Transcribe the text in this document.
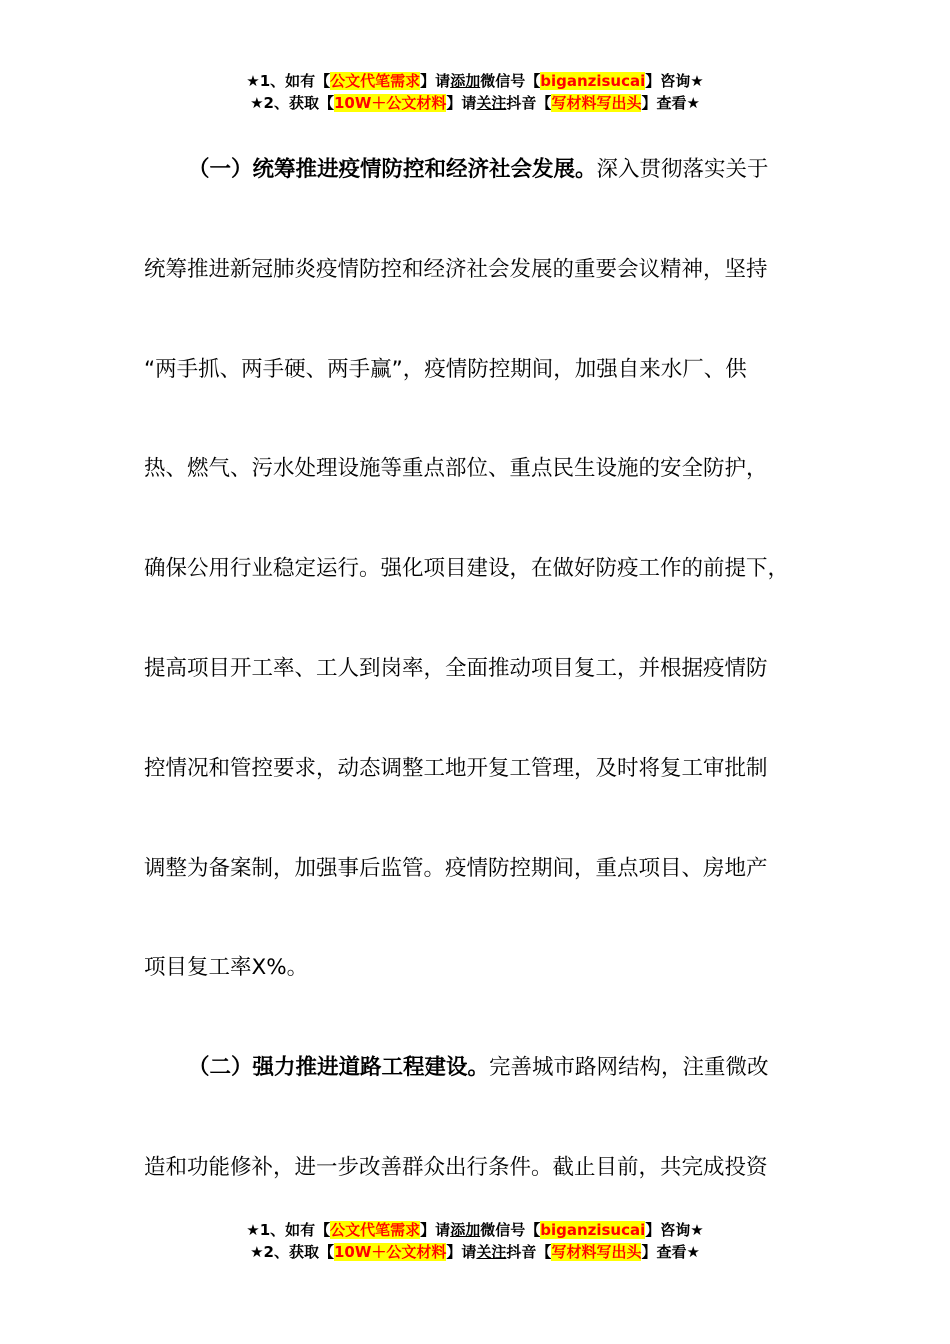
★1、如有【公文代笔需求】请添加微信号【biganzisucai】咨询★
★2、获取【10W＋公文材料】请关注抖音【写材料写出头】查看★

（一）统筹推进疫情防控和经济社会发展。深入贯彻落实关于
统筹推进新冠肺炎疫情防控和经济社会发展的重要会议精神，坚持
“两手抓、两手硬、两手赢”，疫情防控期间，加强自来水厂、供
热、燃气、污水处理设施等重点部位、重点民生设施的安全防护，
确保公用行业稳定运行。强化项目建设，在做好防疫工作的前提下，
提高项目开工率、工人到岗率，全面推动项目复工，并根据疫情防
控情况和管控要求，动态调整工地开复工管理，及时将复工审批制
调整为备案制，加强事后监管。疫情防控期间，重点项目、房地产
项目复工率X%。

（二）强力推进道路工程建设。完善城市路网结构，注重微改
造和功能修补，进一步改善群众出行条件。截止目前，共完成投资

★1、如有【公文代笔需求】请添加微信号【biganzisucai】咨询★
★2、获取【10W＋公文材料】请关注抖音【写材料写出头】查看★
